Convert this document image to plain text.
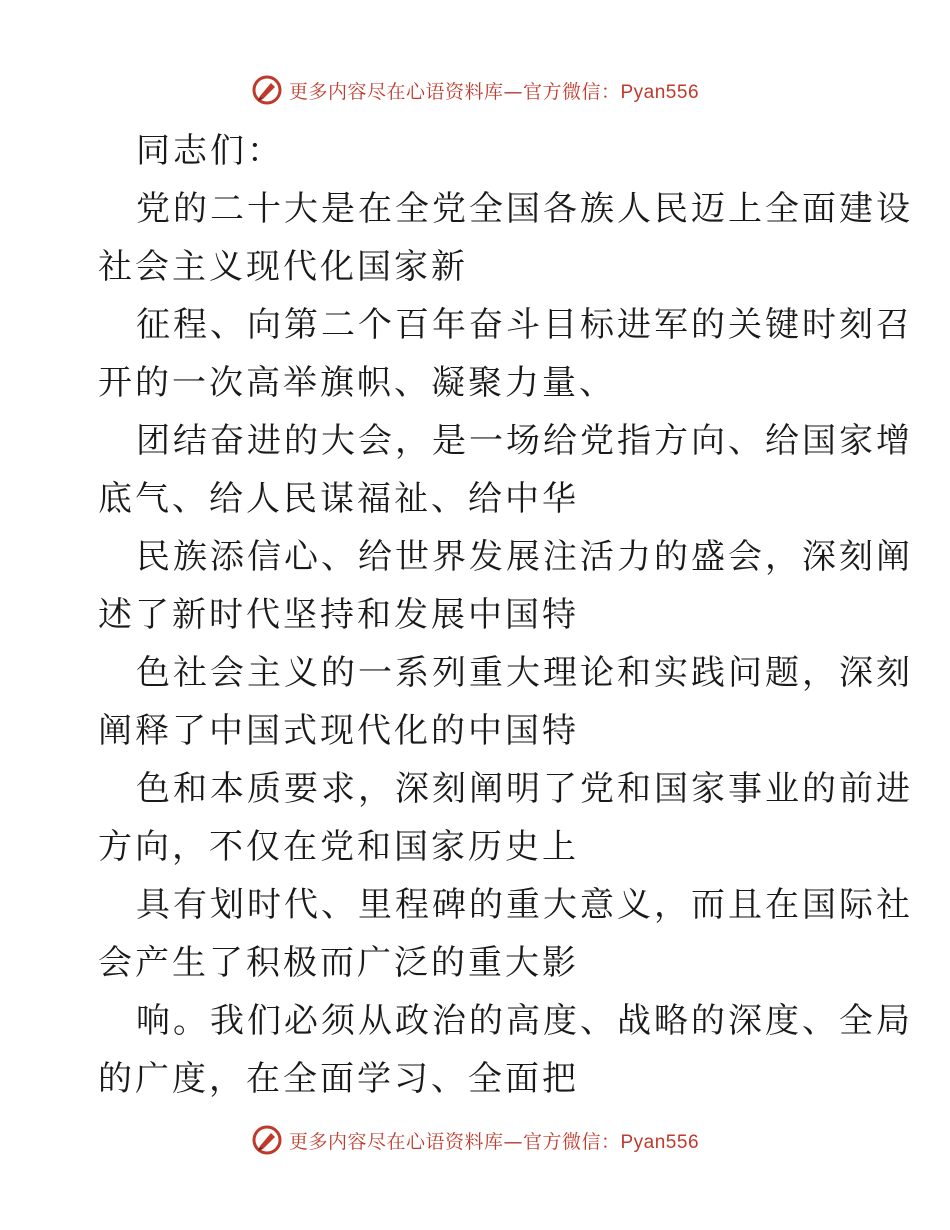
更多内容尽在心语资料库—官方微信：Pyan556
同志们：
党的二十大是在全党全国各族人民迈上全面建设
社会主义现代化国家新
征程、向第二个百年奋斗目标进军的关键时刻召
开的一次高举旗帜、凝聚力量、
团结奋进的大会，是一场给党指方向、给国家增
底气、给人民谋福祉、给中华
民族添信心、给世界发展注活力的盛会，深刻阐
述了新时代坚持和发展中国特
色社会主义的一系列重大理论和实践问题，深刻
阐释了中国式现代化的中国特
色和本质要求，深刻阐明了党和国家事业的前进
方向，不仅在党和国家历史上
具有划时代、里程碑的重大意义，而且在国际社
会产生了积极而广泛的重大影
响。我们必须从政治的高度、战略的深度、全局
的广度，在全面学习、全面把
更多内容尽在心语资料库—官方微信：Pyan556
